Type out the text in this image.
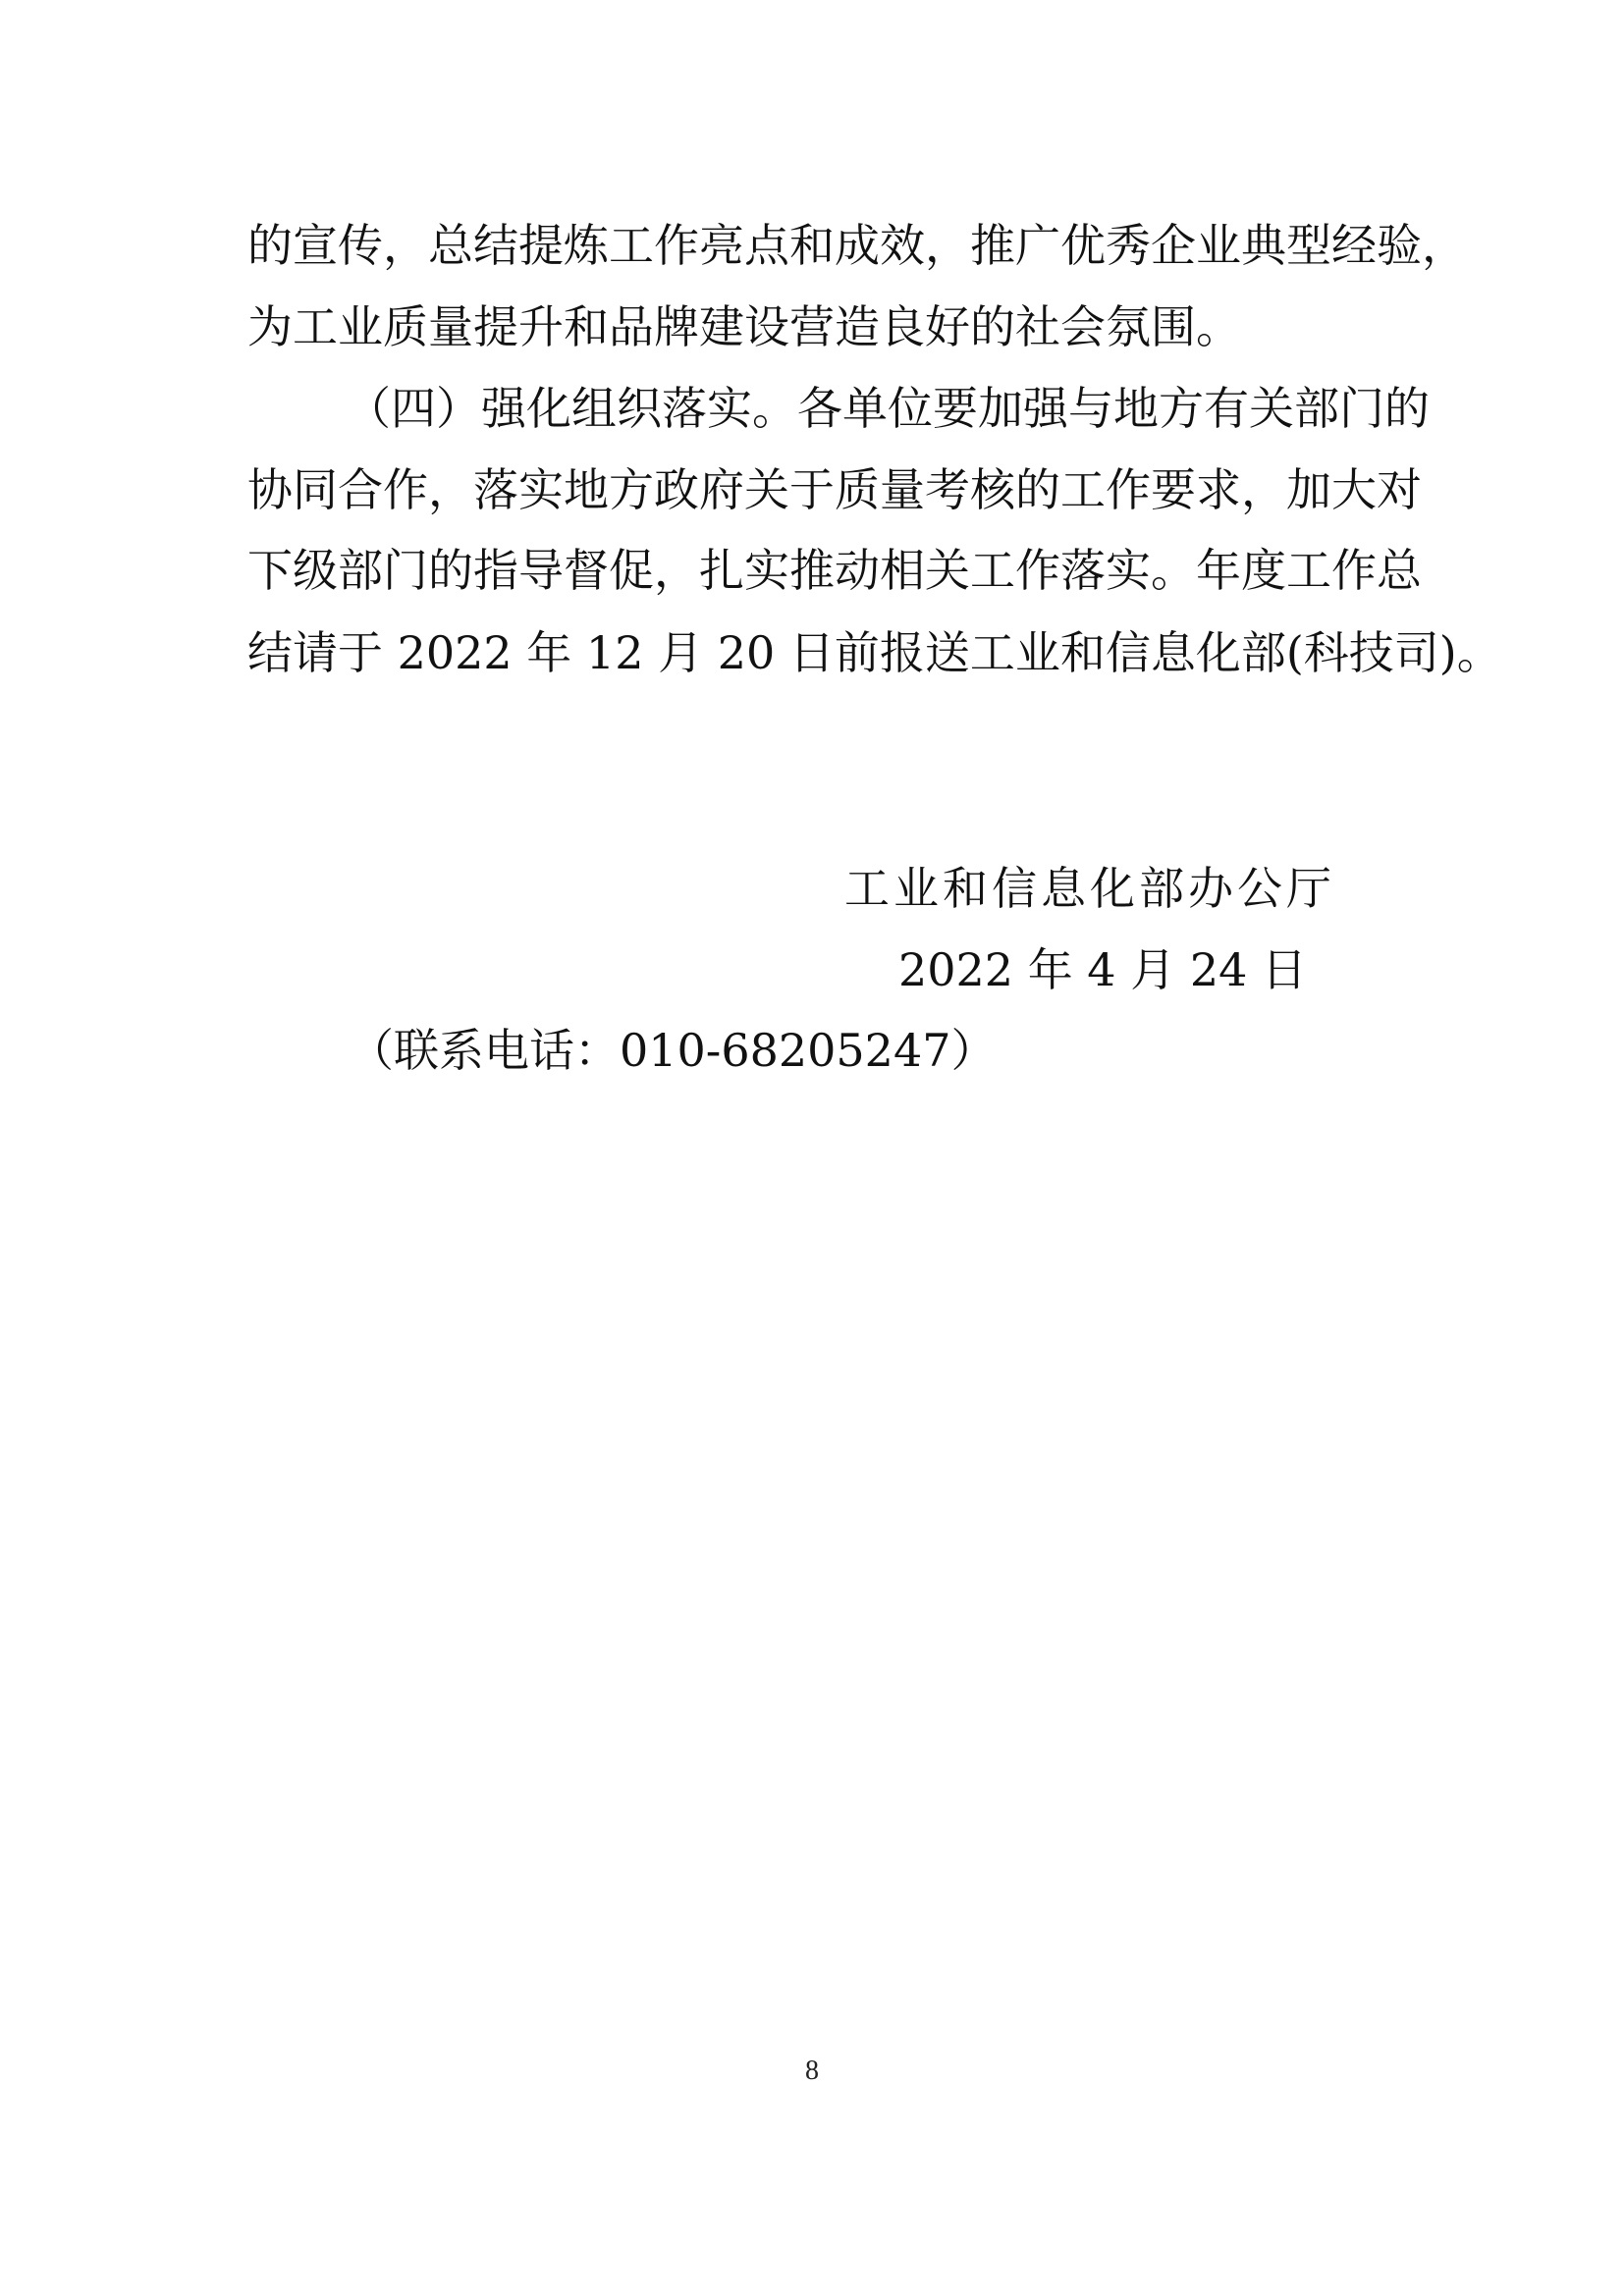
的宣传，总结提炼工作亮点和成效，推广优秀企业典型经验，
为工业质量提升和品牌建设营造良好的社会氛围。
（四）强化组织落实。各单位要加强与地方有关部门的
协同合作，落实地方政府关于质量考核的工作要求，加大对
下级部门的指导督促，扎实推动相关工作落实。年度工作总
结请于 2022 年 12 月 20 日前报送工业和信息化部(科技司)。
工业和信息化部办公厅
2022 年 4 月 24 日
（联系电话：010-68205247）
8
